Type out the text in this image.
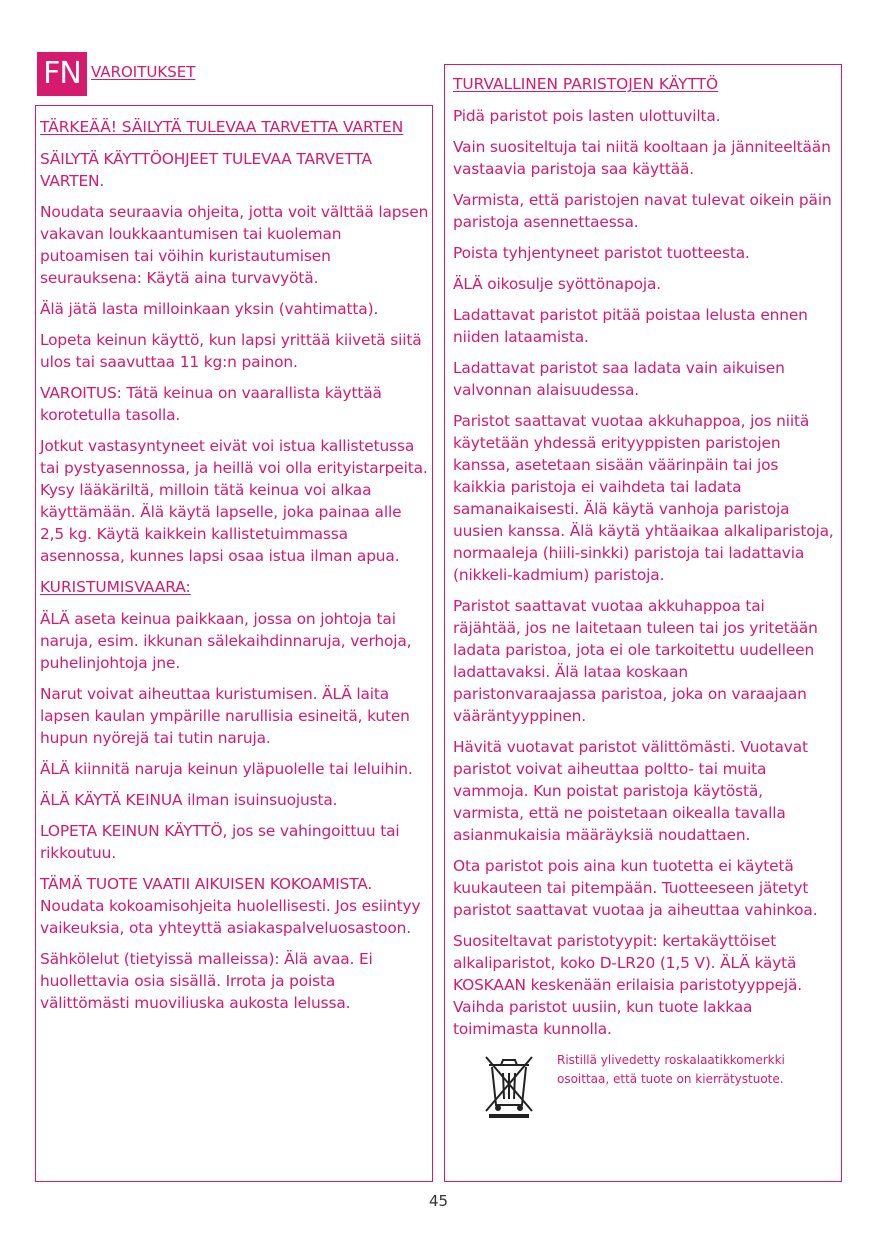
FN VAROITUKSET

TÄRKEÄÄ! SÄILYTÄ TULEVAA TARVETTA VARTEN

SÄILYTÄ KÄYTTÖOHJEET TULEVAA TARVETTA VARTEN.

Noudata seuraavia ohjeita, jotta voit välttää lapsen vakavan loukkaantumisen tai kuoleman putoamisen tai vöihin kuristautumisen seurauksena: Käytä aina turvavyötä.

Älä jätä lasta milloinkaan yksin (vahtimatta).

Lopeta keinun käyttö, kun lapsi yrittää kiivetä siitä ulos tai saavuttaa 11 kg:n painon.

VAROITUS: Tätä keinua on vaarallista käyttää korotetulla tasolla.

Jotkut vastasyntyneet eivät voi istua kallistetussa tai pystyasennossa, ja heillä voi olla erityistarpeita. Kysy lääkäriltä, milloin tätä keinua voi alkaa käyttämään. Älä käytä lapselle, joka painaa alle 2,5 kg. Käytä kaikkein kallistetuimmassa asennossa, kunnes lapsi osaa istua ilman apua.

KURISTUMISVAARA:

ÄLÄ aseta keinua paikkaan, jossa on johtoja tai naruja, esim. ikkunan sälekaihdinnaruja, verhoja, puhelinjohtoja jne.

Narut voivat aiheuttaa kuristumisen. ÄLÄ laita lapsen kaulan ympärille narullisia esineitä, kuten hupun nyörejä tai tutin naruja.

ÄLÄ kiinnitä naruja keinun yläpuolelle tai leluihin.

ÄLÄ KÄYTÄ KEINUA ilman isuinsuojusta.

LOPETA KEINUN KÄYTTÖ, jos se vahingoittuu tai rikkoutuu.

TÄMÄ TUOTE VAATII AIKUISEN KOKOAMISTA. Noudata kokoamisohjeita huolellisesti. Jos esiintyy vaikeuksia, ota yhteyttä asiakaspalveluosastoon.

Sähkölelut (tietyissä malleissa): Älä avaa. Ei huollettavia osia sisällä. Irrota ja poista välittömästi muoviliuska aukosta lelussa.

TURVALLINEN PARISTOJEN KÄYTTÖ

Pidä paristot pois lasten ulottuvilta.

Vain suositeltuja tai niitä kooltaan ja jänniteeltään vastaavia paristoja saa käyttää.

Varmista, että paristojen navat tulevat oikein päin paristoja asennettaessa.

Poista tyhjentyneet paristot tuotteesta.

ÄLÄ oikosulje syöttönapoja.

Ladattavat paristot pitää poistaa lelusta ennen niiden lataamista.

Ladattavat paristot saa ladata vain aikuisen valvonnan alaisuudessa.

Paristot saattavat vuotaa akkuhappoa, jos niitä käytetään yhdessä erityyppisten paristojen kanssa, asetetaan sisään väärinpäin tai jos kaikkia paristoja ei vaihdeta tai ladata samanaikaisesti. Älä käytä vanhoja paristoja uusien kanssa. Älä käytä yhtäaikaa alkaliparistoja, normaaleja (hiili-sinkki) paristoja tai ladattavia (nikkeli-kadmium) paristoja.

Paristot saattavat vuotaa akkuhappoa tai räjähtää, jos ne laitetaan tuleen tai jos yritetään ladata paristoa, jota ei ole tarkoitettu uudelleen ladattavaksi. Älä lataa koskaan paristonvaraajassa paristoa, joka on varaajaan vääräntyyppinen.

Hävitä vuotavat paristot välittömästi. Vuotavat paristot voivat aiheuttaa poltto- tai muita vammoja. Kun poistat paristoja käytöstä, varmista, että ne poistetaan oikealla tavalla asianmukaisia määräyksiä noudattaen.

Ota paristot pois aina kun tuotetta ei käytetä kuukauteen tai pitempään. Tuotteeseen jätetyt paristot saattavat vuotaa ja aiheuttaa vahinkoa.

Suositeltavat paristotyypit: kertakäyttöiset alkaliparistot, koko D-LR20 (1,5 V). ÄLÄ käytä KOSKAAN keskenään erilaisia paristotyyppejä. Vaihda paristot uusiin, kun tuote lakkaa toimimasta kunnolla.

Ristillä ylivedetty roskalaatikkomerkki osoittaa, että tuote on kierrätystuote.
45
